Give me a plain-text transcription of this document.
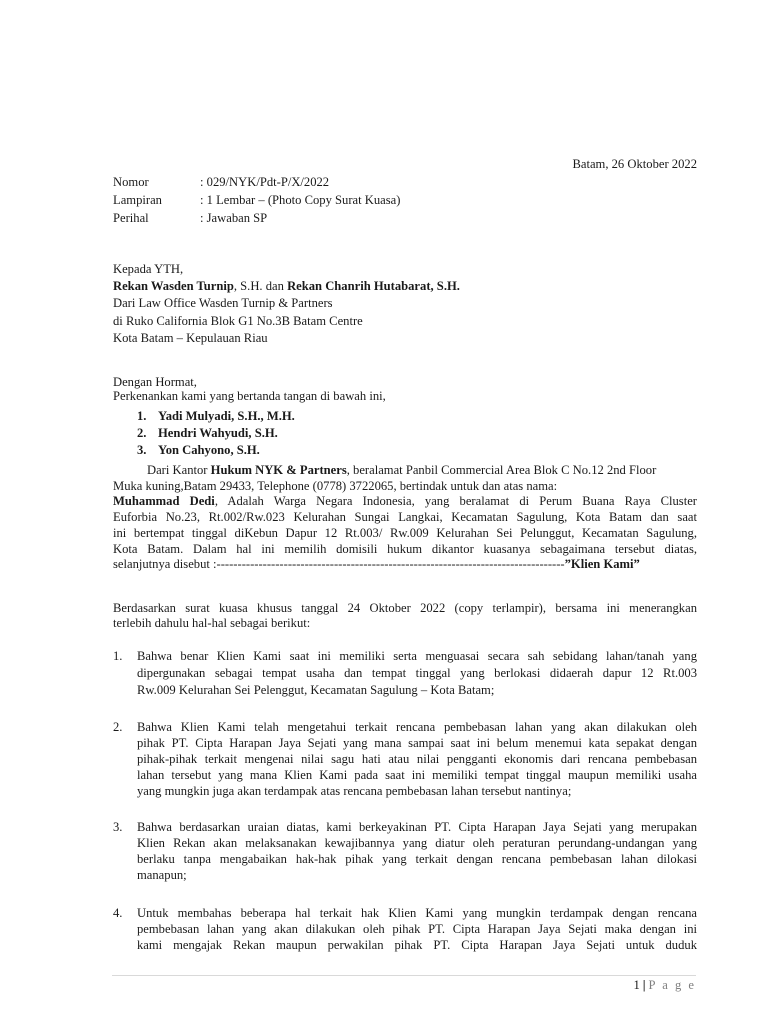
Batam, 26 Oktober 2022
Nomor	: 029/NYK/Pdt-P/X/2022
Lampiran	: 1 Lembar – (Photo Copy Surat Kuasa)
Perihal	: Jawaban SP
Kepada YTH,
Rekan Wasden Turnip, S.H. dan Rekan Chanrih Hutabarat, S.H.
Dari Law Office Wasden Turnip & Partners
di Ruko California Blok G1 No.3B Batam Centre
Kota Batam – Kepulauan Riau
Dengan Hormat,
Perkenankan kami yang bertanda tangan di bawah ini,
1. Yadi Mulyadi, S.H., M.H.
2. Hendri Wahyudi, S.H.
3. Yon Cahyono, S.H.
Dari Kantor Hukum NYK & Partners, beralamat Panbil Commercial Area Blok C No.12 2nd Floor
Muka kuning,Batam 29433, Telephone (0778) 3722065, bertindak untuk dan atas nama:
Muhammad Dedi, Adalah Warga Negara Indonesia, yang beralamat di Perum Buana Raya Cluster
Euforbia No.23, Rt.002/Rw.023 Kelurahan Sungai Langkai, Kecamatan Sagulung, Kota Batam dan saat
ini bertempat tinggal diKebun Dapur 12 Rt.003/ Rw.009 Kelurahan Sei Pelunggut, Kecamatan Sagulung,
Kota Batam. Dalam hal ini memilih domisili hukum dikantor kuasanya sebagaimana tersebut diatas,
selanjutnya disebut :-----------------------------------------------------------------------------------”Klien Kami”
Berdasarkan surat kuasa khusus tanggal 24 Oktober 2022 (copy terlampir), bersama ini menerangkan
terlebih dahulu hal-hal sebagai berikut:
1. Bahwa benar Klien Kami saat ini memiliki serta menguasai secara sah sebidang lahan/tanah yang
dipergunakan sebagai tempat usaha dan tempat tinggal yang berlokasi didaerah dapur 12 Rt.003
Rw.009 Kelurahan Sei Pelenggut, Kecamatan Sagulung – Kota Batam;
2. Bahwa Klien Kami telah mengetahui terkait rencana pembebasan lahan yang akan dilakukan oleh
pihak PT. Cipta Harapan Jaya Sejati yang mana sampai saat ini belum menemui kata sepakat dengan
pihak-pihak terkait mengenai nilai sagu hati atau nilai pengganti ekonomis dari rencana pembebasan
lahan tersebut yang mana Klien Kami pada saat ini memiliki tempat tinggal maupun memiliki usaha
yang mungkin juga akan terdampak atas rencana pembebasan lahan tersebut nantinya;
3. Bahwa berdasarkan uraian diatas, kami berkeyakinan PT. Cipta Harapan Jaya Sejati yang merupakan
Klien Rekan akan melaksanakan kewajibannya yang diatur oleh peraturan perundang-undangan yang
berlaku tanpa mengabaikan hak-hak pihak yang terkait dengan rencana pembebasan lahan dilokasi
manapun;
4. Untuk membahas beberapa hal terkait hak Klien Kami yang mungkin terdampak dengan rencana
pembebasan lahan yang akan dilakukan oleh pihak PT. Cipta Harapan Jaya Sejati maka dengan ini
kami mengajak Rekan maupun perwakilan pihak PT. Cipta Harapan Jaya Sejati untuk duduk
1 | P a g e
